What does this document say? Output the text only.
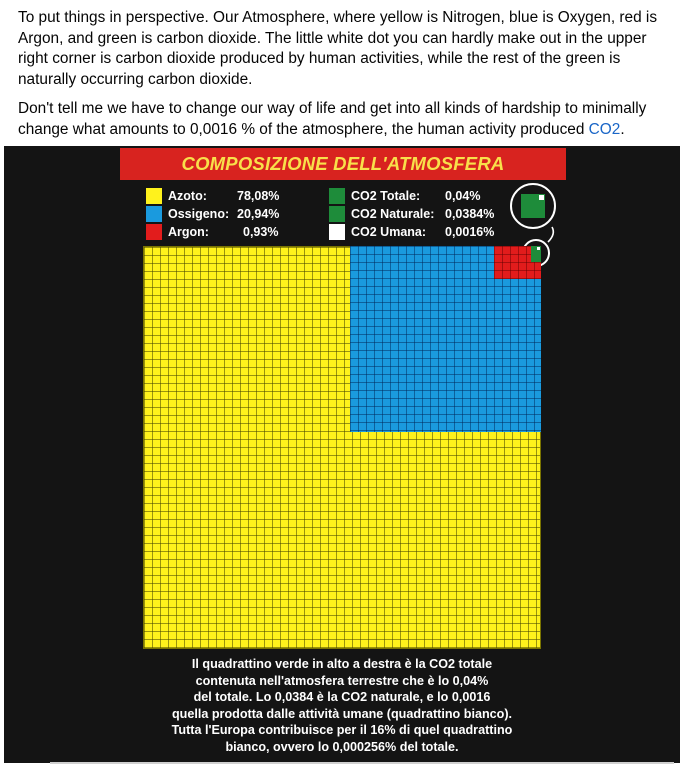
To put things in perspective. Our Atmosphere, where yellow is Nitrogen, blue is Oxygen, red is Argon, and green is carbon dioxide. The little white dot you can hardly make out in the upper right corner is carbon dioxide produced by human activities, while the rest of the green is naturally occurring carbon dioxide.

Don't tell me we have to change our way of life and get into all kinds of hardship to minimally change what amounts to 0,0016 % of the atmosphere, the human activity produced CO2.

COMPOSIZIONE DELL'ATMOSFERA
Azoto: 78,08%
Ossigeno: 20,94%
Argon:	0,93%
CO2 Totale: 0,04%
CO2 Naturale: 0,0384%
CO2 Umana: 0,0016%
Il quadrattino verde in alto a destra è la CO2 totale
contenuta nell'atmosfera terrestre che è lo 0,04%
del totale. Lo 0,0384 è la CO2 naturale, e lo 0,0016
quella prodotta dalle attività umane (quadrattino bianco).
Tutta l'Europa contribuisce per il 16% di quel quadrattino
bianco, ovvero lo 0,000256% del totale.
